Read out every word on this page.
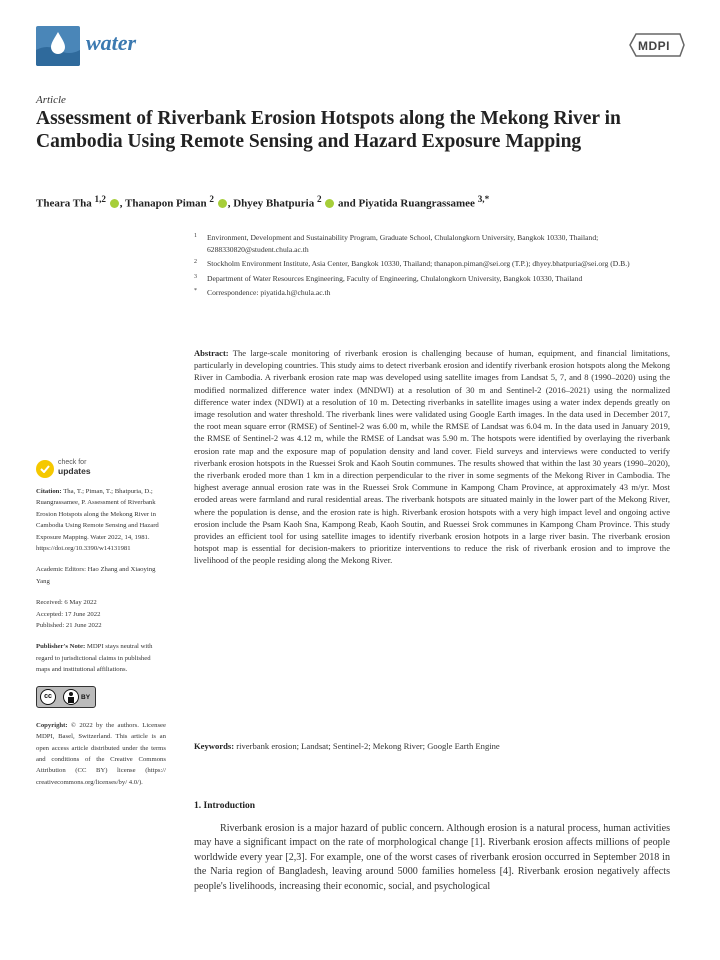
water	MDPI
Article
Assessment of Riverbank Erosion Hotspots along the Mekong River in Cambodia Using Remote Sensing and Hazard Exposure Mapping
Theara Tha $^{1,2}$ , Thanapon Piman $^2$ , Dhyey Bhatpuria $^2$  and Piyatida Ruangrassamee $^{3,*}$
1 Environment, Development and Sustainability Program, Graduate School, Chulalongkorn University, Bangkok 10330, Thailand; 6288330820@student.chula.ac.th
2 Stockholm Environment Institute, Asia Center, Bangkok 10330, Thailand; thanapon.piman@sei.org (T.P.); dhyey.bhatpuria@sei.org (D.B.)
3 Department of Water Resources Engineering, Faculty of Engineering, Chulalongkorn University, Bangkok 10330, Thailand
* Correspondence: piyatida.h@chula.ac.th
Abstract: The large-scale monitoring of riverbank erosion is challenging because of human, equipment, and financial limitations, particularly in developing countries. This study aims to detect riverbank erosion and identify riverbank erosion hotspots along the Mekong River in Cambodia. A riverbank erosion rate map was developed using satellite images from Landsat 5, 7, and 8 (1990–2020) using the modified normalized difference water index (MNDWI) at a resolution of 30 m and Sentinel-2 (2016–2021) using the normalized difference water index (NDWI) at a resolution of 10 m. Detecting riverbanks in satellite images using a water index depends greatly on image resolution and water threshold. The riverbank lines were validated using Google Earth images. In the data used in December 2017, the root mean square error (RMSE) of Sentinel-2 was 6.00 m, while the RMSE of Landsat was 6.04 m. In the data used in January 2019, the RMSE of Sentinel-2 was 4.12 m, while the RMSE of Landsat was 5.90 m. The hotspots were identified by overlaying the riverbank erosion rate map and the exposure map of population density and land cover. Field surveys and interviews were conducted to verify riverbank erosion hotspots in the Ruessei Srok and Kaoh Soutin communes. The results showed that within the last 30 years (1990–2020), the riverbank eroded more than 1 km in a direction perpendicular to the river in some segments of the Mekong River in Cambodia. The highest average annual erosion rate was in the Ruessei Srok Commune in Kampong Cham Province, at approximately 43 m/yr. Most eroded areas were farmland and rural residential areas. The riverbank hotspots are situated mainly in the lower part of the Mekong River, where the population is dense, and the erosion rate is high. Riverbank erosion hotspots with a very high impact level and ongoing active erosion include the Psam Kaoh Sna, Kampong Reab, Kaoh Soutin, and Ruessei Srok communes in Kampong Cham Province. This study provides an efficient tool for using satellite images to identify riverbank erosion hotpots in a large river basin. The riverbank erosion hotspot map is essential for decision-makers to prioritize interventions to reduce the risk of riverbank erosion and to improve the livelihood of the people residing along the Mekong River.
Keywords: riverbank erosion; Landsat; Sentinel-2; Mekong River; Google Earth Engine
1. Introduction
Riverbank erosion is a major hazard of public concern. Although erosion is a natural process, human activities may have a significant impact on the rate of morphological change [1]. Riverbank erosion affects millions of people worldwide every year [2,3]. For example, one of the worst cases of riverbank erosion occurred in September 2018 in the Naria region of Bangladesh, leaving around 5000 families homeless [4]. Riverbank erosion negatively affects people's livelihoods, increasing their economic, social, and psychological
check for
updates
Citation: Tha, T.; Piman, T.; Bhatpuria, D.; Ruangrassamee, P. Assessment of Riverbank Erosion Hotspots along the Mekong River in Cambodia Using Remote Sensing and Hazard Exposure Mapping. Water 2022, 14, 1981. https://doi.org/10.3390/w14131981
Academic Editors: Hao Zhang and Xiaoying Yang
Received: 6 May 2022
Accepted: 17 June 2022
Published: 21 June 2022
Publisher's Note: MDPI stays neutral with regard to jurisdictional claims in published maps and institutional affiliations.
cc	BY
Copyright: © 2022 by the authors. Licensee MDPI, Basel, Switzerland. This article is an open access article distributed under the terms and conditions of the Creative Commons Attribution (CC BY) license (https:// creativecommons.org/licenses/by/ 4.0/).
